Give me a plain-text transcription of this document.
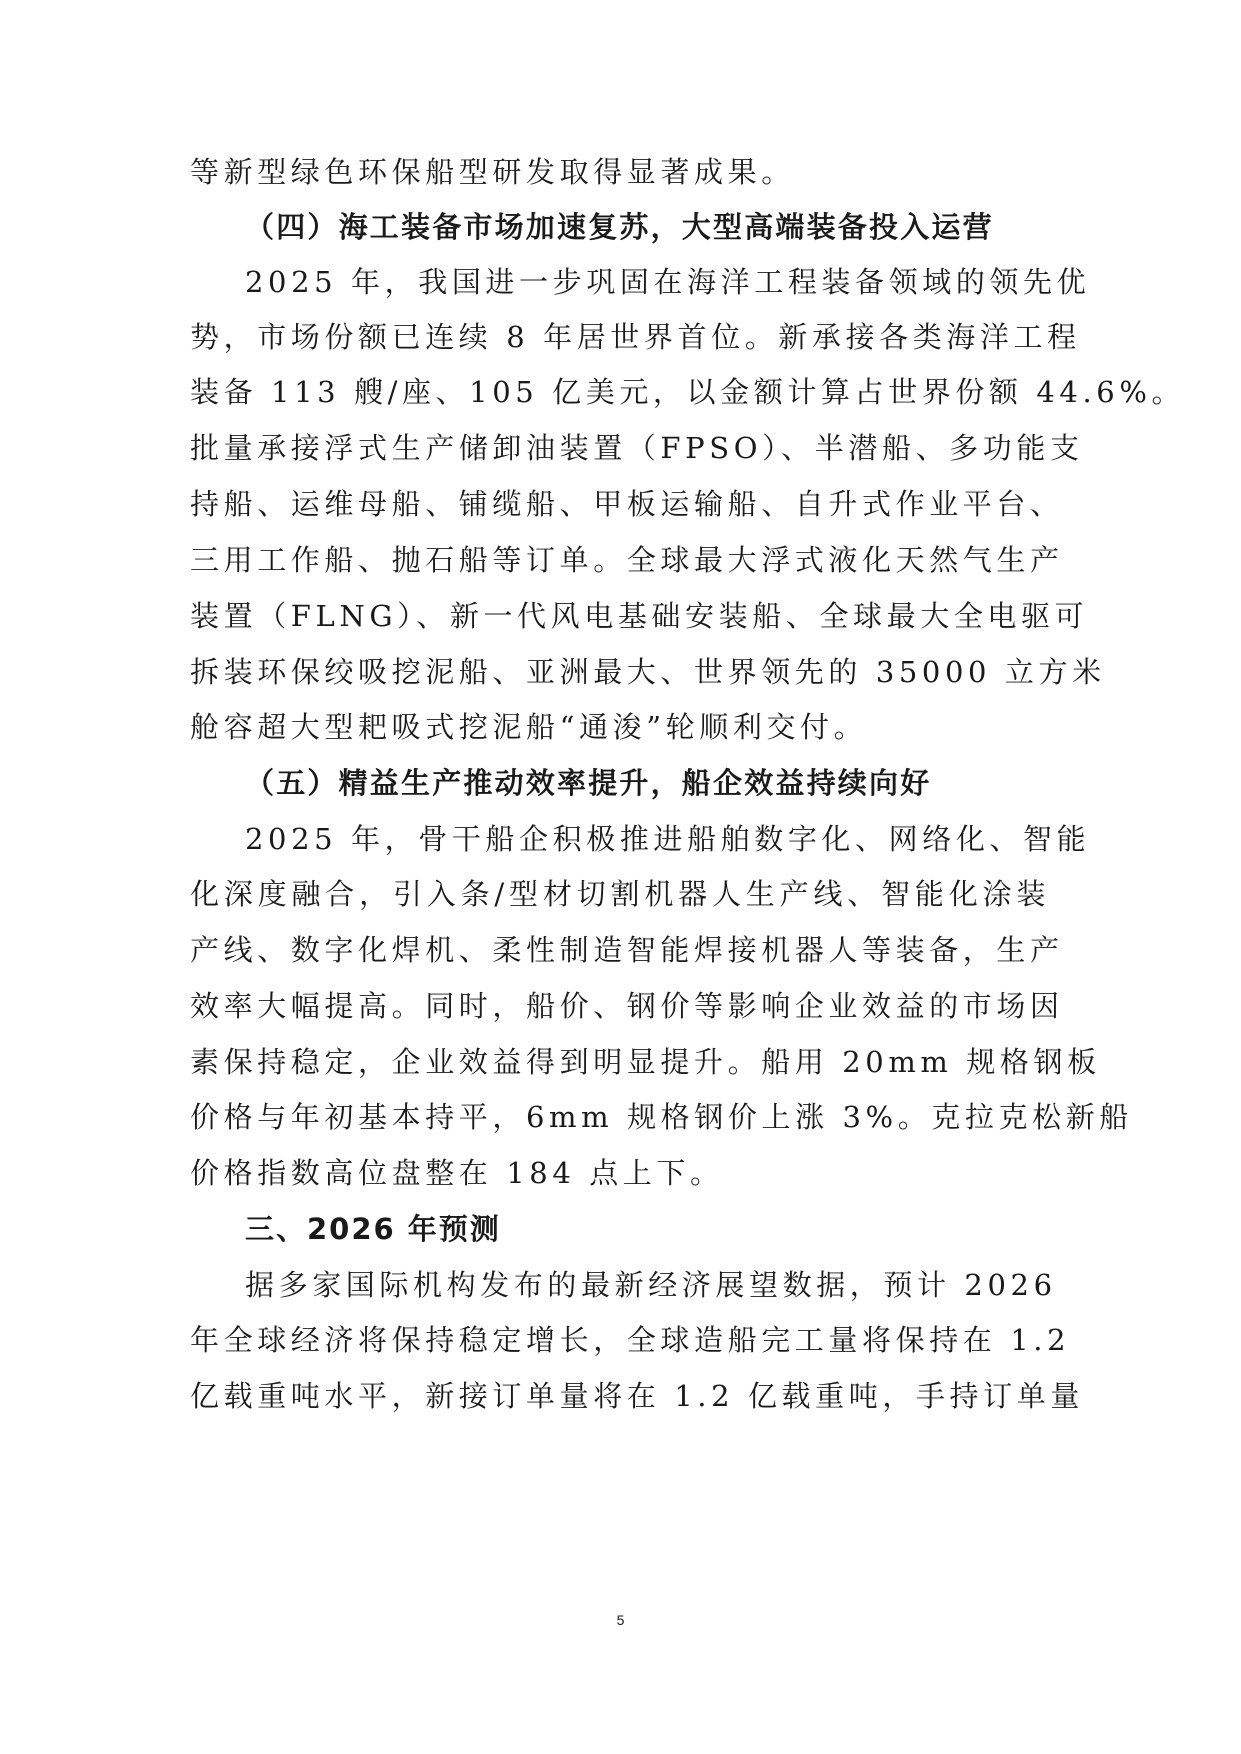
等新型绿色环保船型研发取得显著成果。
（四）海工装备市场加速复苏，大型高端装备投入运营
2025 年，我国进一步巩固在海洋工程装备领域的领先优
势，市场份额已连续 8 年居世界首位。新承接各类海洋工程
装备 113 艘/座、105 亿美元，以金额计算占世界份额 44.6%。
批量承接浮式生产储卸油装置（FPSO）、半潜船、多功能支
持船、运维母船、铺缆船、甲板运输船、自升式作业平台、
三用工作船、抛石船等订单。全球最大浮式液化天然气生产
装置（FLNG）、新一代风电基础安装船、全球最大全电驱可
拆装环保绞吸挖泥船、亚洲最大、世界领先的 35000 立方米
舱容超大型耙吸式挖泥船“通浚”轮顺利交付。
（五）精益生产推动效率提升，船企效益持续向好
2025 年，骨干船企积极推进船舶数字化、网络化、智能
化深度融合，引入条/型材切割机器人生产线、智能化涂装
产线、数字化焊机、柔性制造智能焊接机器人等装备，生产
效率大幅提高。同时，船价、钢价等影响企业效益的市场因
素保持稳定，企业效益得到明显提升。船用 20mm 规格钢板
价格与年初基本持平，6mm 规格钢价上涨 3%。克拉克松新船
价格指数高位盘整在 184 点上下。
三、2026 年预测
据多家国际机构发布的最新经济展望数据，预计 2026
年全球经济将保持稳定增长，全球造船完工量将保持在 1.2
亿载重吨水平，新接订单量将在 1.2 亿载重吨，手持订单量
5
